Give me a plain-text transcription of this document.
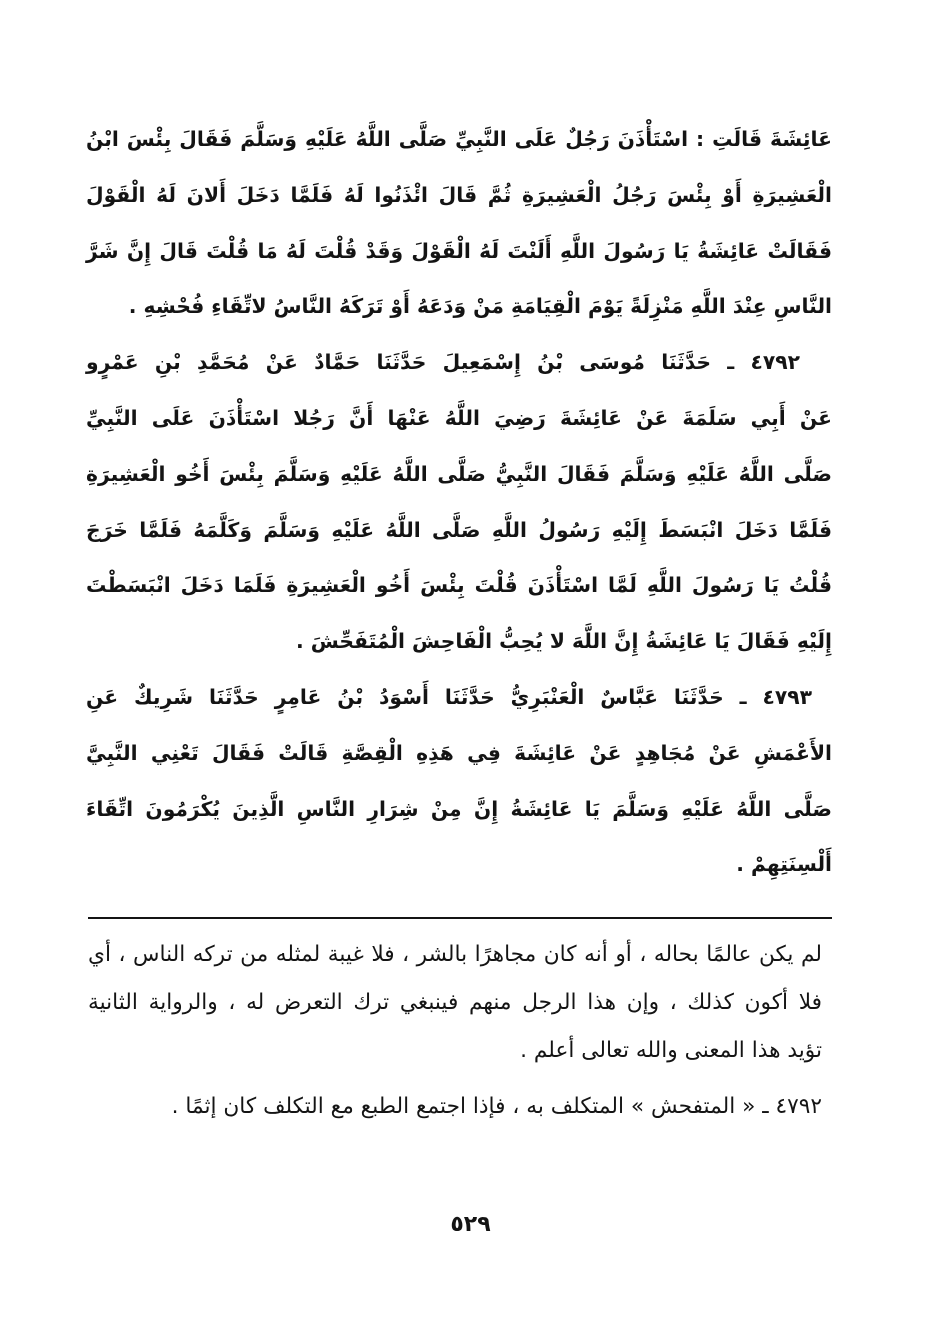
عَائِشَةَ قَالَتِ : اسْتَأْذَنَ رَجُلٌ عَلَى النَّبِيِّ صَلَّى اللَّهُ عَلَيْهِ وَسَلَّمَ فَقَالَ بِئْسَ ابْنُ
الْعَشِيرَةِ أَوْ بِئْسَ رَجُلُ الْعَشِيرَةِ ثُمَّ قَالَ ائْذَنُوا لَهُ فَلَمَّا دَخَلَ أَلانَ لَهُ الْقَوْلَ
فَقَالَتْ عَائِشَةُ يَا رَسُولَ اللَّهِ أَلَنْتَ لَهُ الْقَوْلَ وَقَدْ قُلْتَ لَهُ مَا قُلْتَ قَالَ إِنَّ شَرَّ
النَّاسِ عِنْدَ اللَّهِ مَنْزِلَةً يَوْمَ الْقِيَامَةِ مَنْ وَدَعَهُ أَوْ تَرَكَهُ النَّاسُ لاتِّقَاءِ فُحْشِهِ .
٤٧٩٢ ـ حَدَّثَنَا مُوسَى بْنُ إِسْمَعِيلَ حَدَّثَنَا حَمَّادٌ عَنْ مُحَمَّدِ بْنِ عَمْرٍو
عَنْ أَبِي سَلَمَةَ عَنْ عَائِشَةَ رَضِيَ اللَّهُ عَنْهَا أَنَّ رَجُلا اسْتَأْذَنَ عَلَى النَّبِيِّ
صَلَّى اللَّهُ عَلَيْهِ وَسَلَّمَ فَقَالَ النَّبِيُّ صَلَّى اللَّهُ عَلَيْهِ وَسَلَّمَ بِئْسَ أَخُو الْعَشِيرَةِ
فَلَمَّا دَخَلَ انْبَسَطَ إِلَيْهِ رَسُولُ اللَّهِ صَلَّى اللَّهُ عَلَيْهِ وَسَلَّمَ وَكَلَّمَهُ فَلَمَّا خَرَجَ
قُلْتُ يَا رَسُولَ اللَّهِ لَمَّا اسْتَأْذَنَ قُلْتَ بِئْسَ أَخُو الْعَشِيرَةِ فَلَمَا دَخَلَ انْبَسَطْتَ
إِلَيْهِ فَقَالَ يَا عَائِشَةُ إِنَّ اللَّهَ لا يُحِبُّ الْفَاحِشَ الْمُتَفَحِّشَ .
٤٧٩٣ ـ حَدَّثَنَا عَبَّاسٌ الْعَنْبَرِيُّ حَدَّثَنَا أَسْوَدُ بْنُ عَامِرٍ حَدَّثَنَا شَرِيكٌ عَنِ
الأَعْمَشِ عَنْ مُجَاهِدٍ عَنْ عَائِشَةَ فِي هَذِهِ الْقِصَّةِ قَالَتْ فَقَالَ تَعْنِي النَّبِيَّ
صَلَّى اللَّهُ عَلَيْهِ وَسَلَّمَ يَا عَائِشَةُ إِنَّ مِنْ شِرَارِ النَّاسِ الَّذِينَ يُكْرَمُونَ اتِّقَاءَ
أَلْسِنَتِهِمْ .
لم يكن عالمًا بحاله ، أو أنه كان مجاهرًا بالشر ، فلا غيبة لمثله من تركه الناس ، أي
فلا أكون كذلك ، وإن هذا الرجل منهم فينبغي ترك التعرض له ، والرواية الثانية
تؤيد هذا المعنى والله تعالى أعلم .
٤٧٩٢ ـ « المتفحش » المتكلف به ، فإذا اجتمع الطبع مع التكلف كان إثمًا .
٥٢٩
